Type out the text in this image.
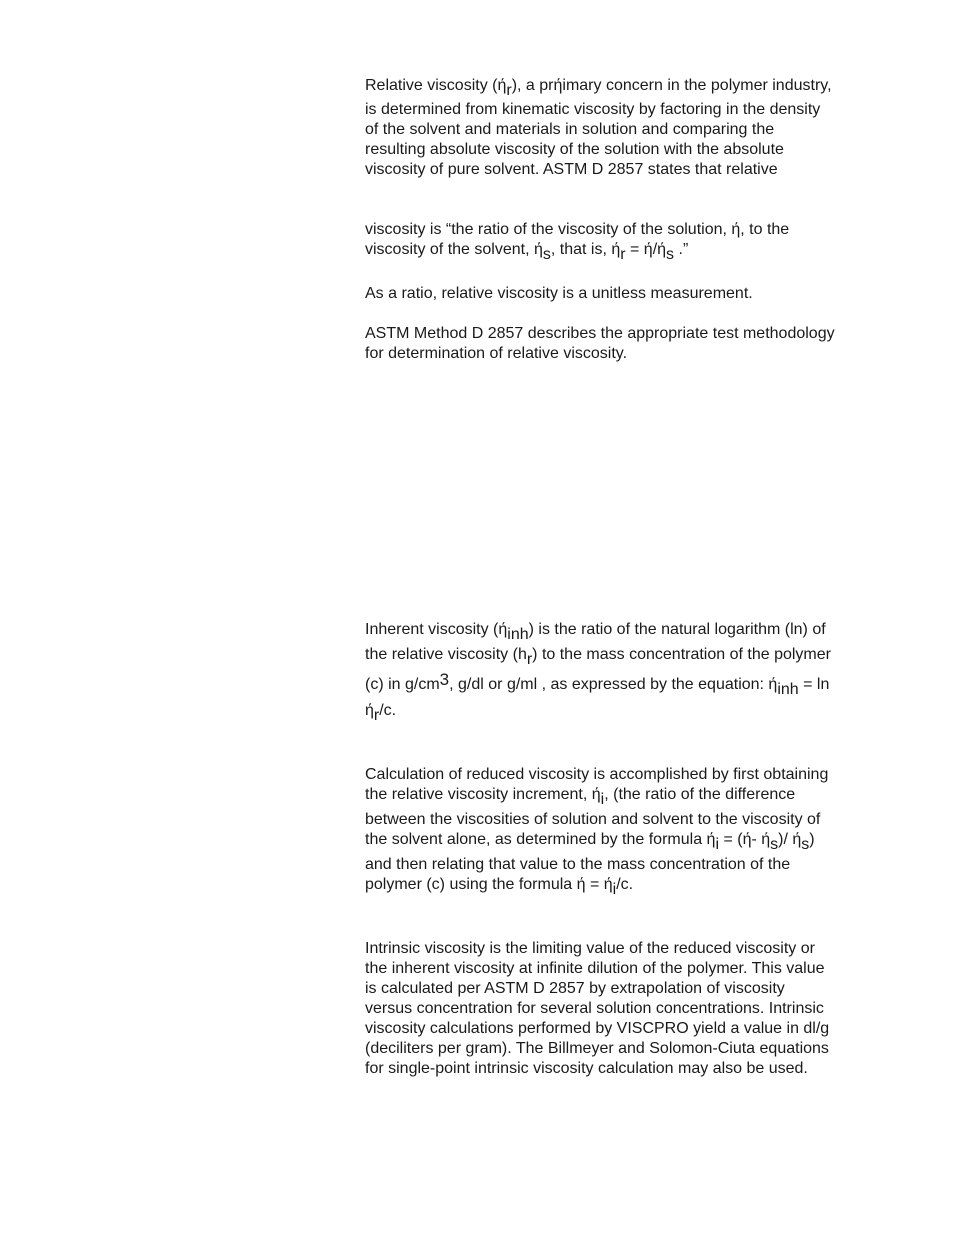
Relative viscosity $(ή_r)$, a prήimary concern in the polymer industry,
is determined from kinematic viscosity by factoring in the density
of the solvent and materials in solution and comparing the
resulting absolute viscosity of the solution with the absolute
viscosity of pure solvent. ASTM D 2857 states that relative

viscosity is “the ratio of the viscosity of the solution, ή, to the
viscosity of the solvent, $ή_s$, that is, $ή_r = ή/ή_s$ .”

As a ratio, relative viscosity is a unitless measurement.

ASTM Method D 2857 describes the appropriate test methodology
for determination of relative viscosity.

Inherent viscosity $(ή_{inh})$ is the ratio of the natural logarithm (ln) of
the relative viscosity $(h_r)$ to the mass concentration of the polymer
(c) in $g/cm^3$, g/dl or g/ml , as expressed by the equation: $ή_{inh} = \ln$
$ή_r/c$.

Calculation of reduced viscosity is accomplished by first obtaining
the relative viscosity increment, $ή_i$, (the ratio of the difference
between the viscosities of solution and solvent to the viscosity of
the solvent alone, as determined by the formula $ή_i = (ή-$ $ή_s)/$ $ή_s$)
and then relating that value to the mass concentration of the
polymer (c) using the formula $ή = ή_i/c$.

Intrinsic viscosity is the limiting value of the reduced viscosity or
the inherent viscosity at infinite dilution of the polymer. This value
is calculated per ASTM D 2857 by extrapolation of viscosity
versus concentration for several solution concentrations. Intrinsic
viscosity calculations performed by VISCPRO yield a value in dl/g
(deciliters per gram). The Billmeyer and Solomon-Ciuta equations
for single-point intrinsic viscosity calculation may also be used.
